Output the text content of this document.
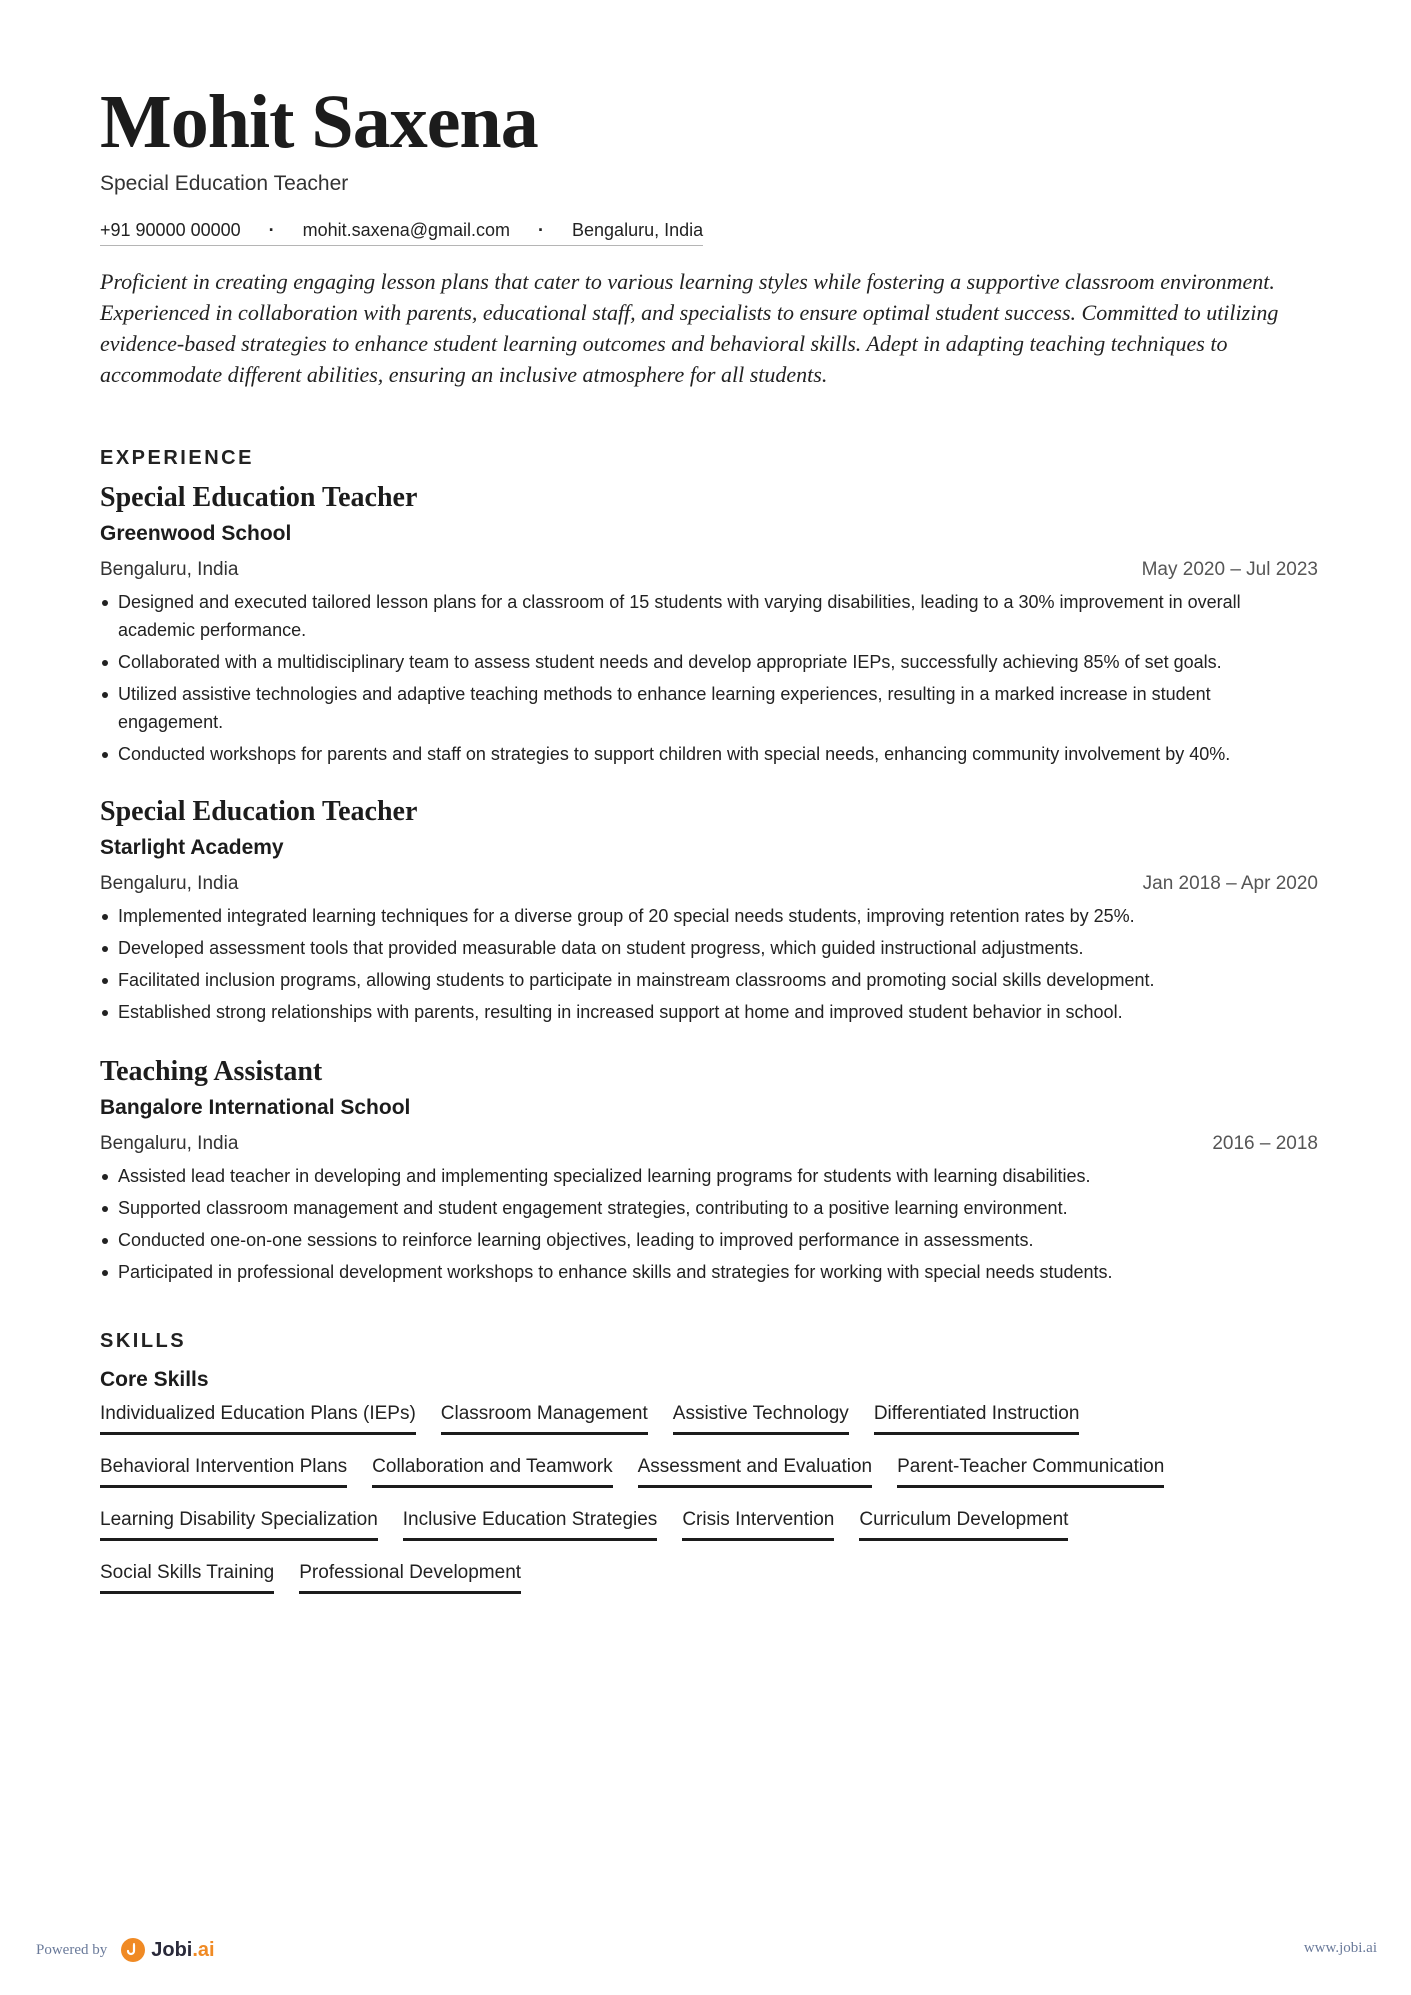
Mohit Saxena
Special Education Teacher
+91 90000 00000 · mohit.saxena@gmail.com · Bengaluru, India

Proficient in creating engaging lesson plans that cater to various learning styles while fostering a supportive classroom environment. Experienced in collaboration with parents, educational staff, and specialists to ensure optimal student success. Committed to utilizing evidence-based strategies to enhance student learning outcomes and behavioral skills. Adept in adapting teaching techniques to accommodate different abilities, ensuring an inclusive atmosphere for all students.

EXPERIENCE
Special Education Teacher
Greenwood School
Bengaluru, India	May 2020 – Jul 2023
Designed and executed tailored lesson plans for a classroom of 15 students with varying disabilities, leading to a 30% improvement in overall academic performance.
Collaborated with a multidisciplinary team to assess student needs and develop appropriate IEPs, successfully achieving 85% of set goals.
Utilized assistive technologies and adaptive teaching methods to enhance learning experiences, resulting in a marked increase in student engagement.
Conducted workshops for parents and staff on strategies to support children with special needs, enhancing community involvement by 40%.
Special Education Teacher
Starlight Academy
Bengaluru, India	Jan 2018 – Apr 2020
Implemented integrated learning techniques for a diverse group of 20 special needs students, improving retention rates by 25%.
Developed assessment tools that provided measurable data on student progress, which guided instructional adjustments.
Facilitated inclusion programs, allowing students to participate in mainstream classrooms and promoting social skills development.
Established strong relationships with parents, resulting in increased support at home and improved student behavior in school.
Teaching Assistant
Bangalore International School
Bengaluru, India	2016 – 2018
Assisted lead teacher in developing and implementing specialized learning programs for students with learning disabilities.
Supported classroom management and student engagement strategies, contributing to a positive learning environment.
Conducted one-on-one sessions to reinforce learning objectives, leading to improved performance in assessments.
Participated in professional development workshops to enhance skills and strategies for working with special needs students.
SKILLS
Core Skills
Individualized Education Plans (IEPs) Classroom Management Assistive Technology Differentiated Instruction
Behavioral Intervention Plans Collaboration and Teamwork Assessment and Evaluation Parent-Teacher Communication
Learning Disability Specialization Inclusive Education Strategies Crisis Intervention Curriculum Development
Social Skills Training Professional Development
Powered by Jobi.ai	www.jobi.ai
